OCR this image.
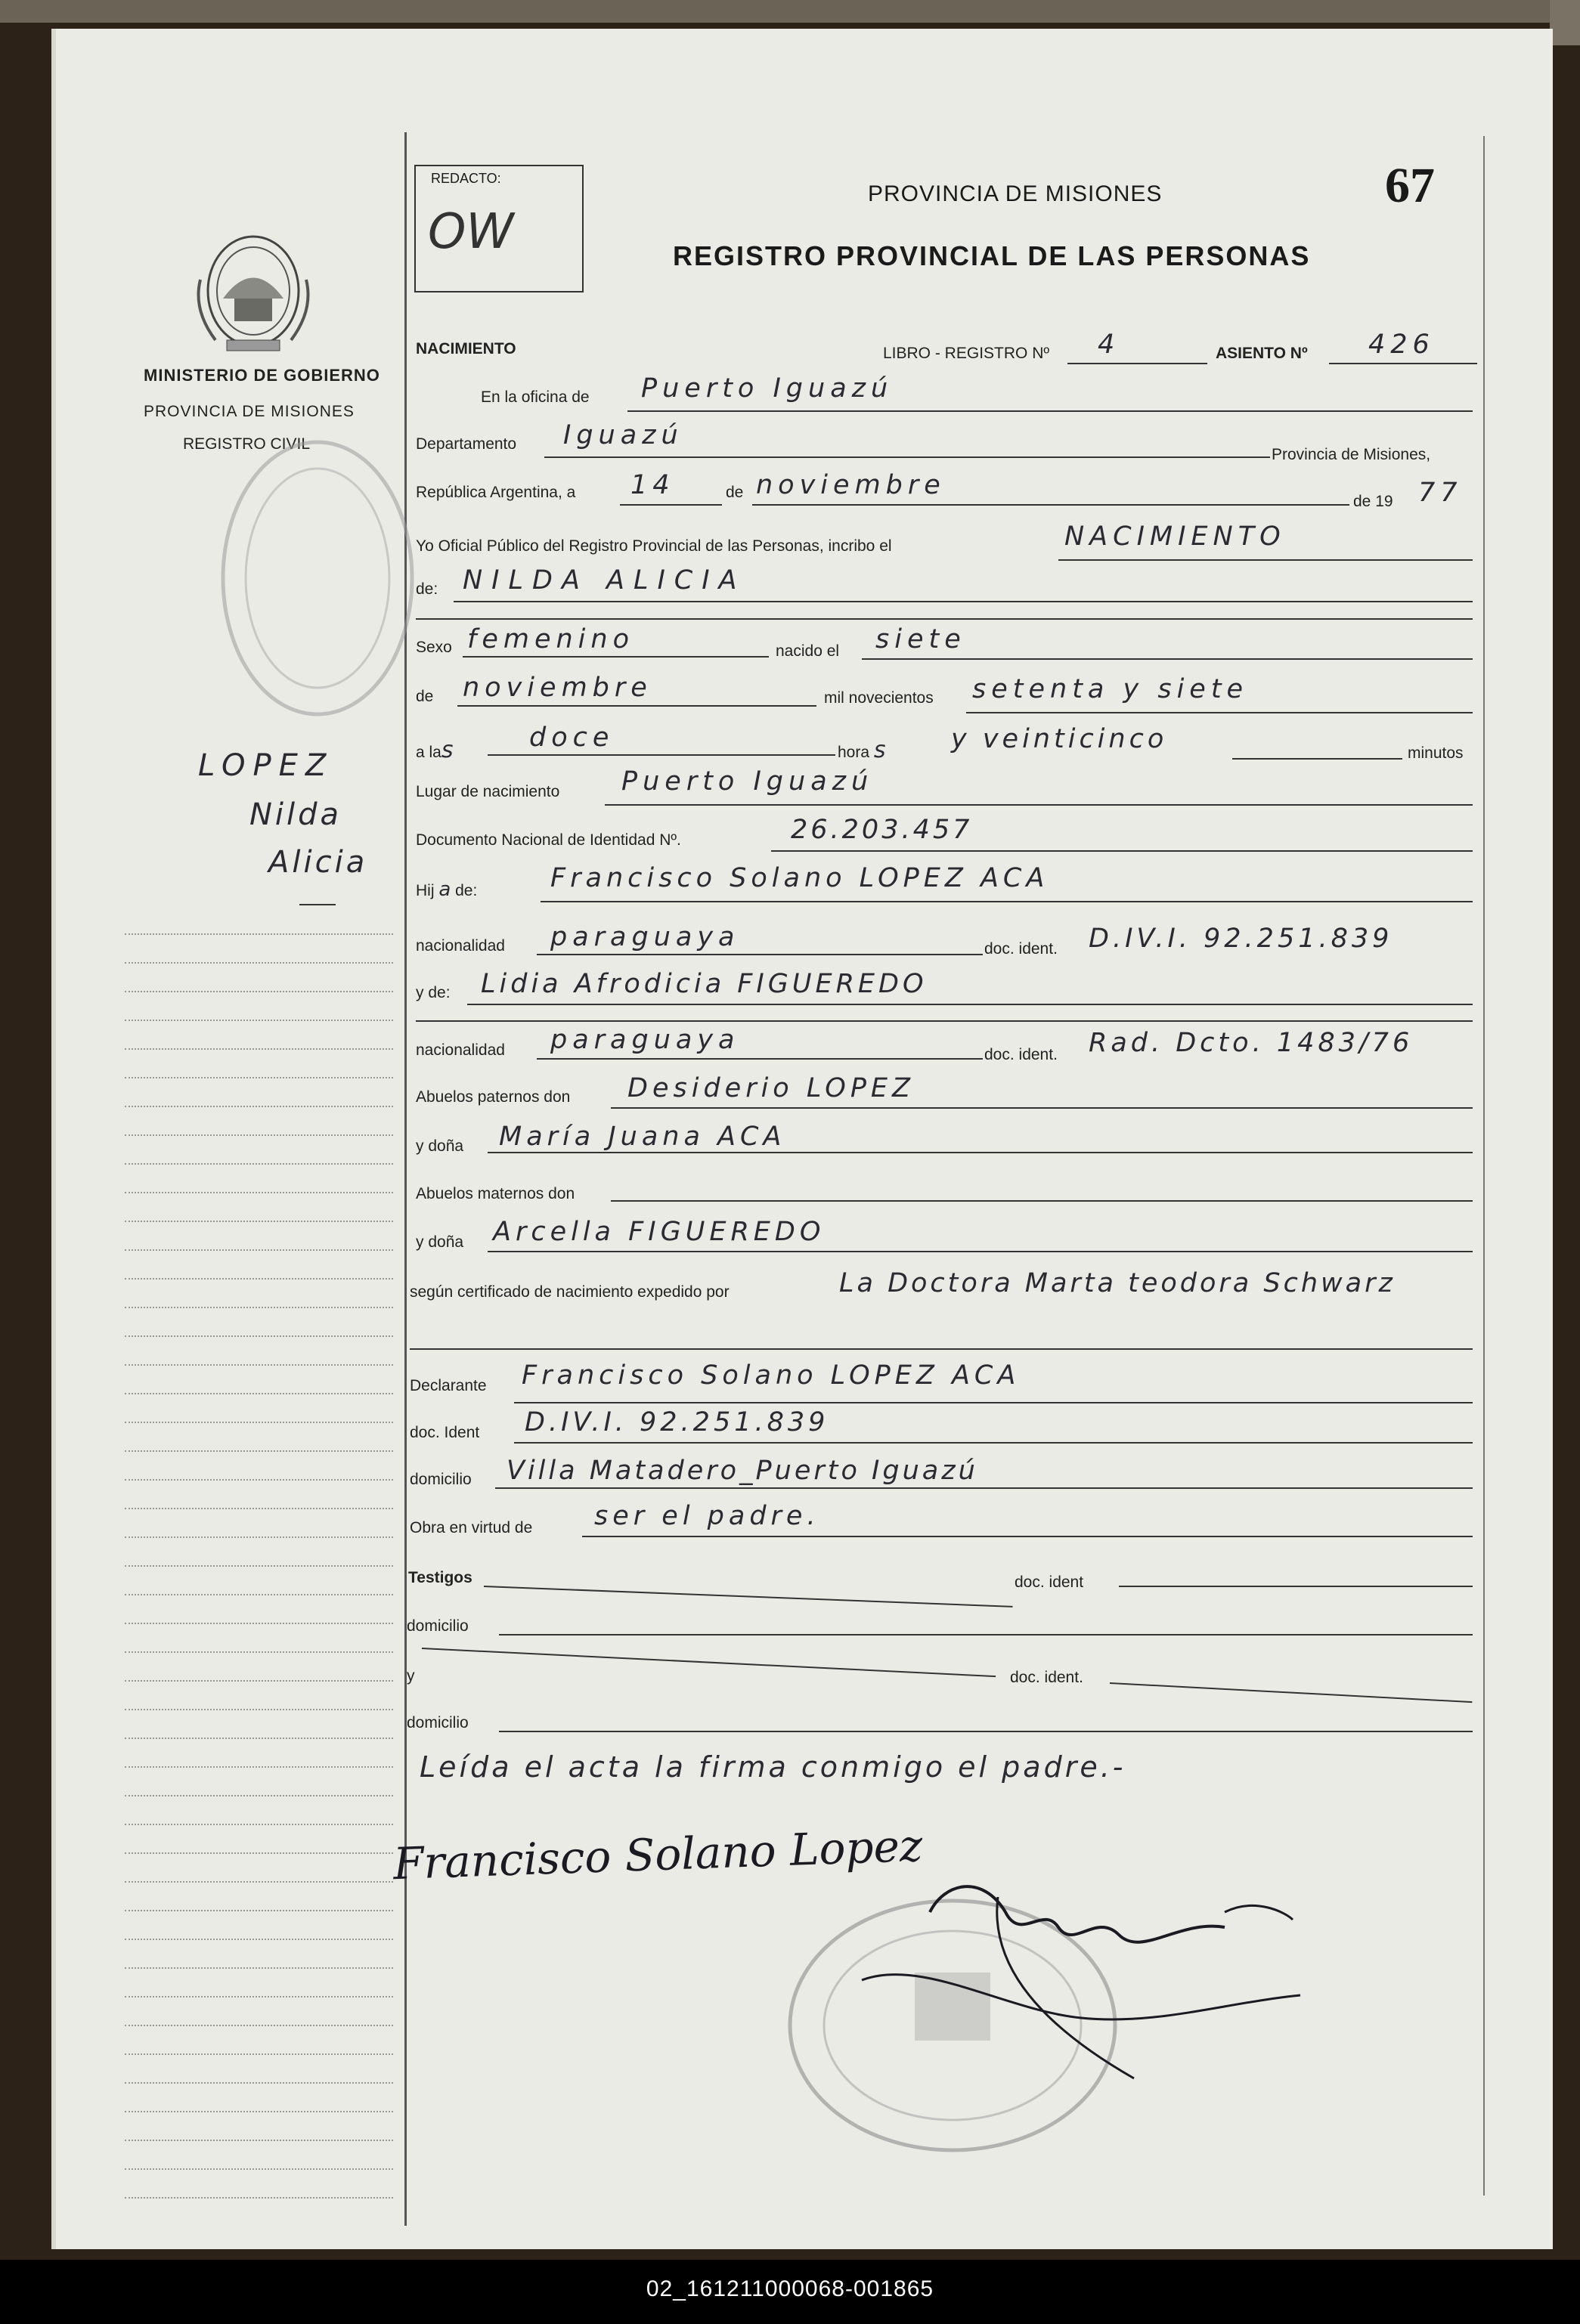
MINISTERIO DE GOBIERNO
PROVINCIA DE MISIONES
REGISTRO CIVIL
LOPEZ
Nilda
Alicia
REDACTO:
OW
PROVINCIA DE MISIONES
REGISTRO PROVINCIAL DE LAS PERSONAS
67
NACIMIENTO	LIBRO - REGISTRO Nº 4	ASIENTO Nº 426
En la oficina de Puerto Iguazú
Departamento Iguazú
Provincia de Misiones,
República Argentina, a 14	de noviembre
de 19 77
Yo Oficial Público del Registro Provincial de las Personas, incribo el	NACIMIENTO
de: NILDA ALICIA
Sexo femenino	nacido el siete
de noviembre	mil novecientos setenta y siete
a las	doce	hora s y veinticinco	minutos
Lugar de nacimiento Puerto Iguazú
Documento Nacional de Identidad Nº.	26.203.457
Hij a de:	Francisco Solano LOPEZ ACA
nacionalidad paraguaya	doc. ident. D.IV.I. 92.251.839
y de: Lidia Afrodicia FIGUEREDO
nacionalidad paraguaya	doc. ident. Rad. Dcto. 1483/76
Abuelos paternos don Desiderio LOPEZ
y doña María Juana ACA
Abuelos maternos don
y doña Arcella FIGUEREDO
según certificado de nacimiento expedido por	La Doctora Marta teodora Schwarz
Declarante Francisco Solano LOPEZ ACA
doc. Ident D.IV.I. 92.251.839
domicilio Villa Matadero_Puerto Iguazú
Obra en virtud de ser el padre.
Testigos	doc. ident
domicilio
y	doc. ident.
domicilio
Leída el acta la firma conmigo el padre.-
Francisco Solano Lopez
02_161211000068-001865
